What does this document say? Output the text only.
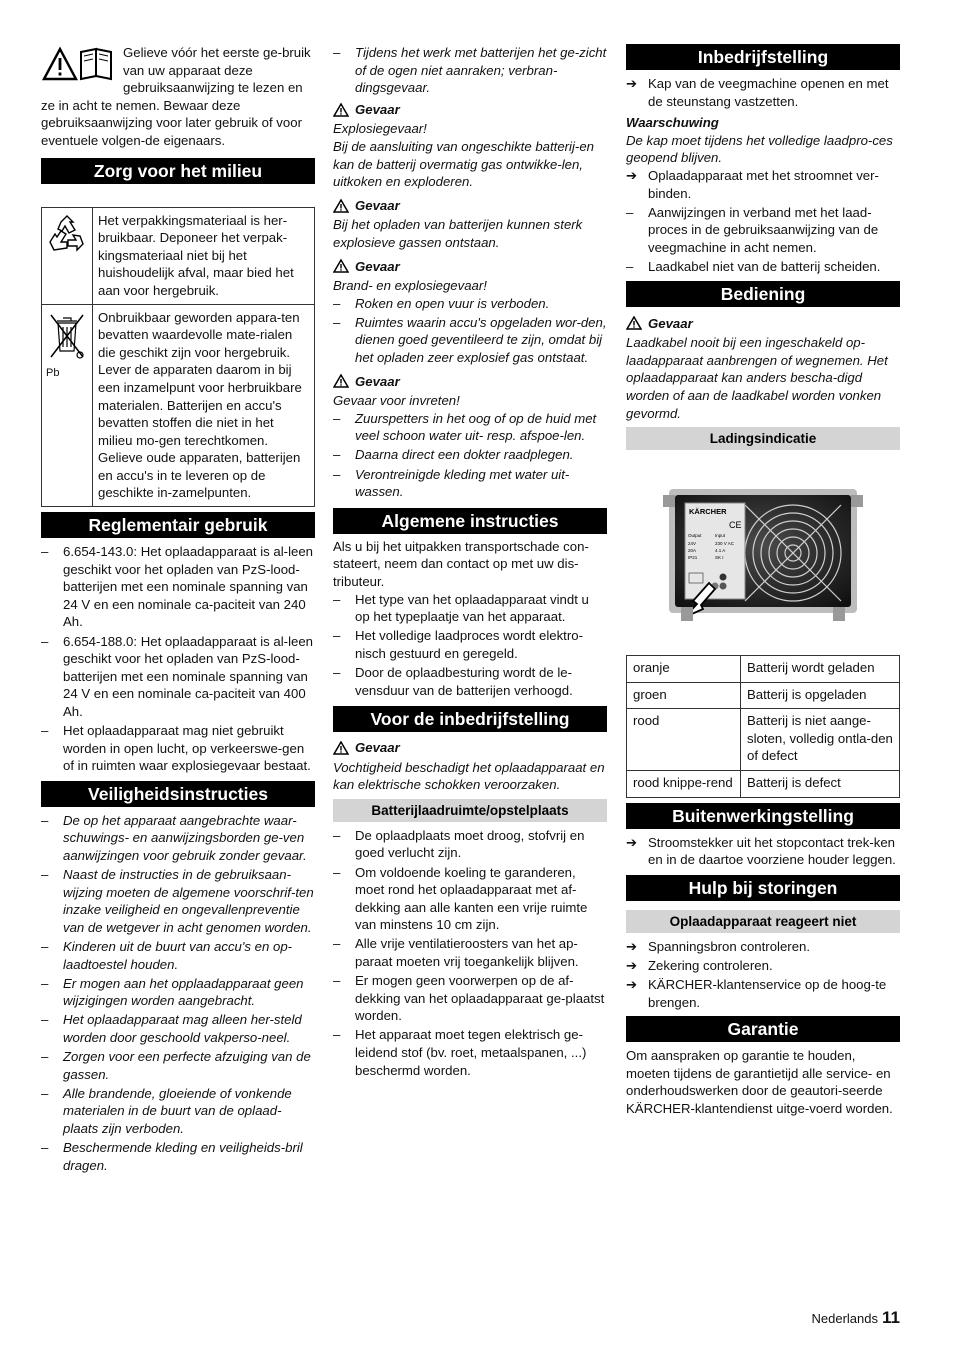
Gelieve vóór het eerste ge-bruik van uw apparaat deze gebruiksaanwijzing te lezen en ze in acht te nemen. Bewaar deze gebruiksaanwijzing voor later gebruik of voor eventuele volgen-de eigenaars.

Zorg voor het milieu
	Het verpakkingsmateriaal is her-bruikbaar. Deponeer het verpak-kingsmateriaal niet bij het huishoudelijk afval, maar bied het aan voor hergebruik.

Pb	Onbruikbaar geworden appara-ten bevatten waardevolle mate-rialen die geschikt zijn voor hergebruik. Lever de apparaten daarom in bij een inzamelpunt voor herbruikbare materialen. Batterijen en accu's bevatten stoffen die niet in het milieu mo-gen terechtkomen. Gelieve oude apparaten, batterijen en accu's in te leveren op de geschikte in-zamelpunten.
Reglementair gebruik
– 6.654-143.0: Het oplaadapparaat is al-leen geschikt voor het opladen van PzS-lood-batterijen met een nominale spanning van 24 V en een nominale ca-paciteit van 240 Ah.
– 6.654-188.0: Het oplaadapparaat is al-leen geschikt voor het opladen van PzS-lood-batterijen met een nominale spanning van 24 V en een nominale ca-paciteit van 400 Ah.
– Het oplaadapparaat mag niet gebruikt worden in open lucht, op verkeerswe-gen of in ruimten waar explosiegevaar bestaat.
Veiligheidsinstructies
– De op het apparaat aangebrachte waar-schuwings- en aanwijzingsborden ge-ven aanwijzingen voor gebruik zonder gevaar.
– Naast de instructies in de gebruiksaan-wijzing moeten de algemene voorschrif-ten inzake veiligheid en ongevallenpreventie van de wetgever in acht genomen worden.
– Kinderen uit de buurt van accu's en op-laadtoestel houden.
– Er mogen aan het opplaadapparaat geen wijzigingen worden aangebracht.
– Het oplaadapparaat mag alleen her-steld worden door geschoold vakperso-neel.
– Zorgen voor een perfecte afzuiging van de gassen.
– Alle brandende, gloeiende of vonkende materialen in de buurt van de oplaad-plaats zijn verboden.
– Beschermende kleding en veiligheids-bril dragen.
– Tijdens het werk met batterijen het ge-zicht of de ogen niet aanraken; verbran-dingsgevaar.
Gevaar

Explosiegevaar!
Bij de aansluiting van ongeschikte batterij-en kan de batterij overmatig gas ontwikke-len, uitkoken en exploderen.

Gevaar

Bij het opladen van batterijen kunnen sterk explosieve gassen ontstaan.

Gevaar

Brand- en explosiegevaar!

– Roken en open vuur is verboden.
– Ruimtes waarin accu's opgeladen wor-den, dienen goed geventileerd te zijn, omdat bij het opladen zeer explosief gas ontstaat.
Gevaar

Gevaar voor invreten!

– Zuurspetters in het oog of op de huid met veel schoon water uit- resp. afspoe-len.
– Daarna direct een dokter raadplegen.
– Verontreinigde kleding met water uit-wassen.
Algemene instructies

Als u bij het uitpakken transportschade con-stateert, neem dan contact op met uw dis-tributeur.

– Het type van het oplaadapparaat vindt u op het typeplaatje van het apparaat.
– Het volledige laadproces wordt elektro-nisch gestuurd en geregeld.
– Door de oplaadbesturing wordt de le-vensduur van de batterijen verhoogd.
Voor de inbedrijfstelling
Gevaar

Vochtigheid beschadigt het oplaadapparaat en kan elektrische schokken veroorzaken.

Batterijlaadruimte/opstelplaats
– De oplaadplaats moet droog, stofvrij en goed verlucht zijn.
– Om voldoende koeling te garanderen, moet rond het oplaadapparaat met af-dekking aan alle kanten een vrije ruimte van minstens 10 cm zijn.
– Alle vrije ventilatieroosters van het ap-paraat moeten vrij toegankelijk blijven.
– Er mogen geen voorwerpen op de af-dekking van het oplaadapparaat ge-plaatst worden.
– Het apparaat moet tegen elektrisch ge-leidend stof (bv. roet, metaalspanen, ...) beschermd worden.
Inbedrijfstelling
➔ Kap van de veegmachine openen en met de steunstang vastzetten.

Waarschuwing

De kap moet tijdens het volledige laadpro-ces geopend blijven.

➔ Oplaadapparaat met het stroomnet ver-binden.
– Aanwijzingen in verband met het laad-proces in de gebruiksaanwijzing van de veegmachine in acht nemen.
– Laadkabel niet van de batterij scheiden.
Bediening
Gevaar

Laadkabel nooit bij een ingeschakeld op-laadapparaat aanbrengen of wegnemen. Het oplaadapparaat kan anders bescha-digd worden of aan de laadkabel worden vonken gevormd.

Ladingsindicatie
KÄRCHER
CE
Output	Input
24V	230 V AC
20A	4.1 A
IP21	SK I
oranje	Batterij wordt geladen
groen	Batterij is opgeladen
rood	Batterij is niet aange-sloten, volledig ontla-den of defect
rood knippe-rend	Batterij is defect
Buitenwerkingstelling
➔ Stroomstekker uit het stopcontact trek-ken en in de daartoe voorziene houder leggen.
Hulp bij storingen
Oplaadapparaat reageert niet
➔ Spanningsbron controleren.
➔ Zekering controleren.
➔ KÄRCHER-klantenservice op de hoog-te brengen.
Garantie

Om aanspraken op garantie te houden, moeten tijdens de garantietijd alle service- en onderhoudswerken door de geautori-seerde KÄRCHER-klantendienst uitge-voerd worden.

Nederlands 11
